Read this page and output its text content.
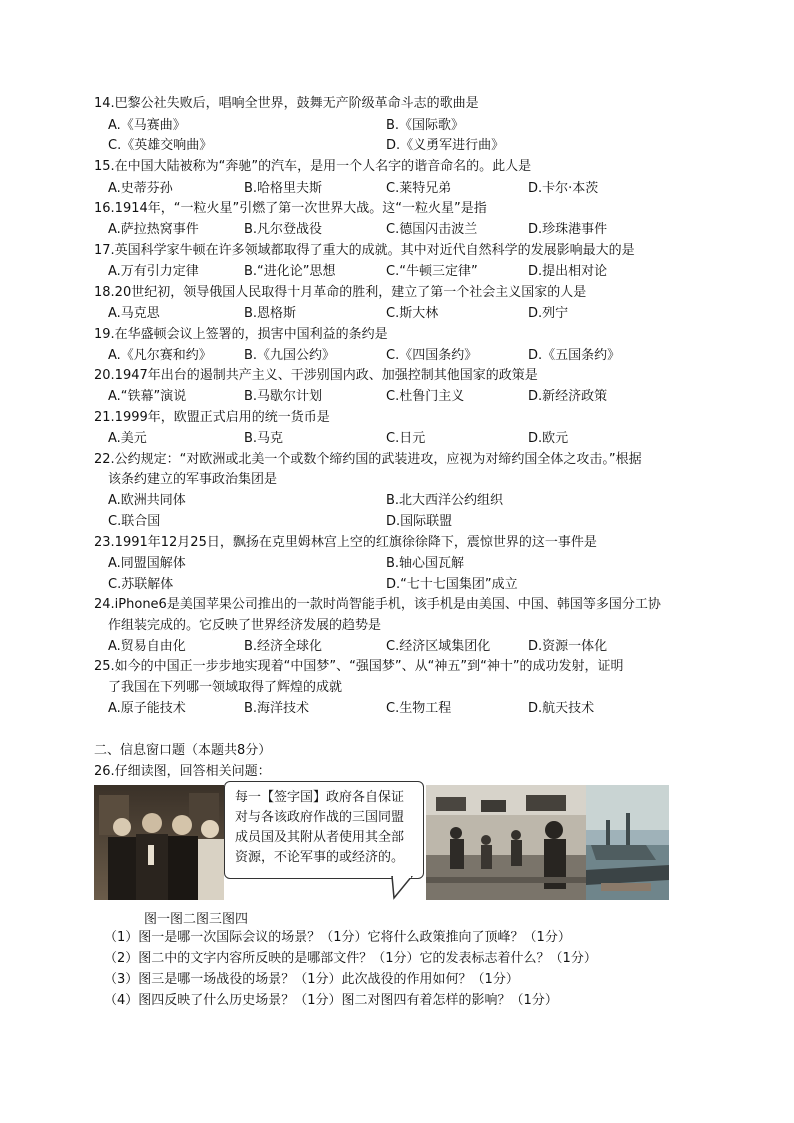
14.巴黎公社失败后，唱响全世界，鼓舞无产阶级革命斗志的歌曲是
A.《马赛曲》	B.《国际歌》
C.《英雄交响曲》	D.《义勇军进行曲》
15.在中国大陆被称为“奔驰”的汽车，是用一个人名字的谐音命名的。此人是
A.史蒂芬孙	B.哈格里夫斯	C.莱特兄弟	D.卡尔·本茨
16.1914年，“一粒火星”引燃了第一次世界大战。这“一粒火星”是指
A.萨拉热窝事件	B.凡尔登战役	C.德国闪击波兰	D.珍珠港事件
17.英国科学家牛顿在许多领域都取得了重大的成就。其中对近代自然科学的发展影响最大的是
A.万有引力定律	B.“进化论”思想	C.“牛顿三定律”	D.提出相对论
18.20世纪初，领导俄国人民取得十月革命的胜利，建立了第一个社会主义国家的人是
A.马克思	B.恩格斯	C.斯大林	D.列宁
19.在华盛顿会议上签署的，损害中国利益的条约是
A.《凡尔赛和约》 B.《九国公约》	C.《四国条约》	D.《五国条约》
20.1947年出台的遏制共产主义、干涉别国内政、加强控制其他国家的政策是
A.“铁幕”演说	B.马歇尔计划	C.杜鲁门主义	D.新经济政策
21.1999年，欧盟正式启用的统一货币是
A.美元	B.马克	C.日元	D.欧元
22.公约规定：“对欧洲或北美一个或数个缔约国的武装进攻，应视为对缔约国全体之攻击。”根据
该条约建立的军事政治集团是
A.欧洲共同体	B.北大西洋公约组织
C.联合国	D.国际联盟
23.1991年12月25日，飘扬在克里姆林宫上空的红旗徐徐降下，震惊世界的这一事件是
A.同盟国解体	B.轴心国瓦解
C.苏联解体	D.“七十七国集团”成立
24.iPhone6是美国苹果公司推出的一款时尚智能手机，该手机是由美国、中国、韩国等多国分工协
作组装完成的。它反映了世界经济发展的趋势是
A.贸易自由化	B.经济全球化	C.经济区域集团化	D.资源一体化
25.如今的中国正一步步地实现着“中国梦”、“强国梦”、从“神五”到“神十”的成功发射，证明
了我国在下列哪一领域取得了辉煌的成就
A.原子能技术	B.海洋技术	C.生物工程	D.航天技术
二、信息窗口题（本题共8分）
26.仔细读图，回答相关问题：
每一【签字国】政府各自保证对与各该政府作战的三国同盟成员国及其附从者使用其全部资源，不论军事的或经济的。
图一图二图三图四
（1）图一是哪一次国际会议的场景？（1分）它将什么政策推向了顶峰？（1分）
（2）图二中的文字内容所反映的是哪部文件？（1分）它的发表标志着什么？（1分）
（3）图三是哪一场战役的场景？（1分）此次战役的作用如何？（1分）
（4）图四反映了什么历史场景？（1分）图二对图四有着怎样的影响？（1分）
